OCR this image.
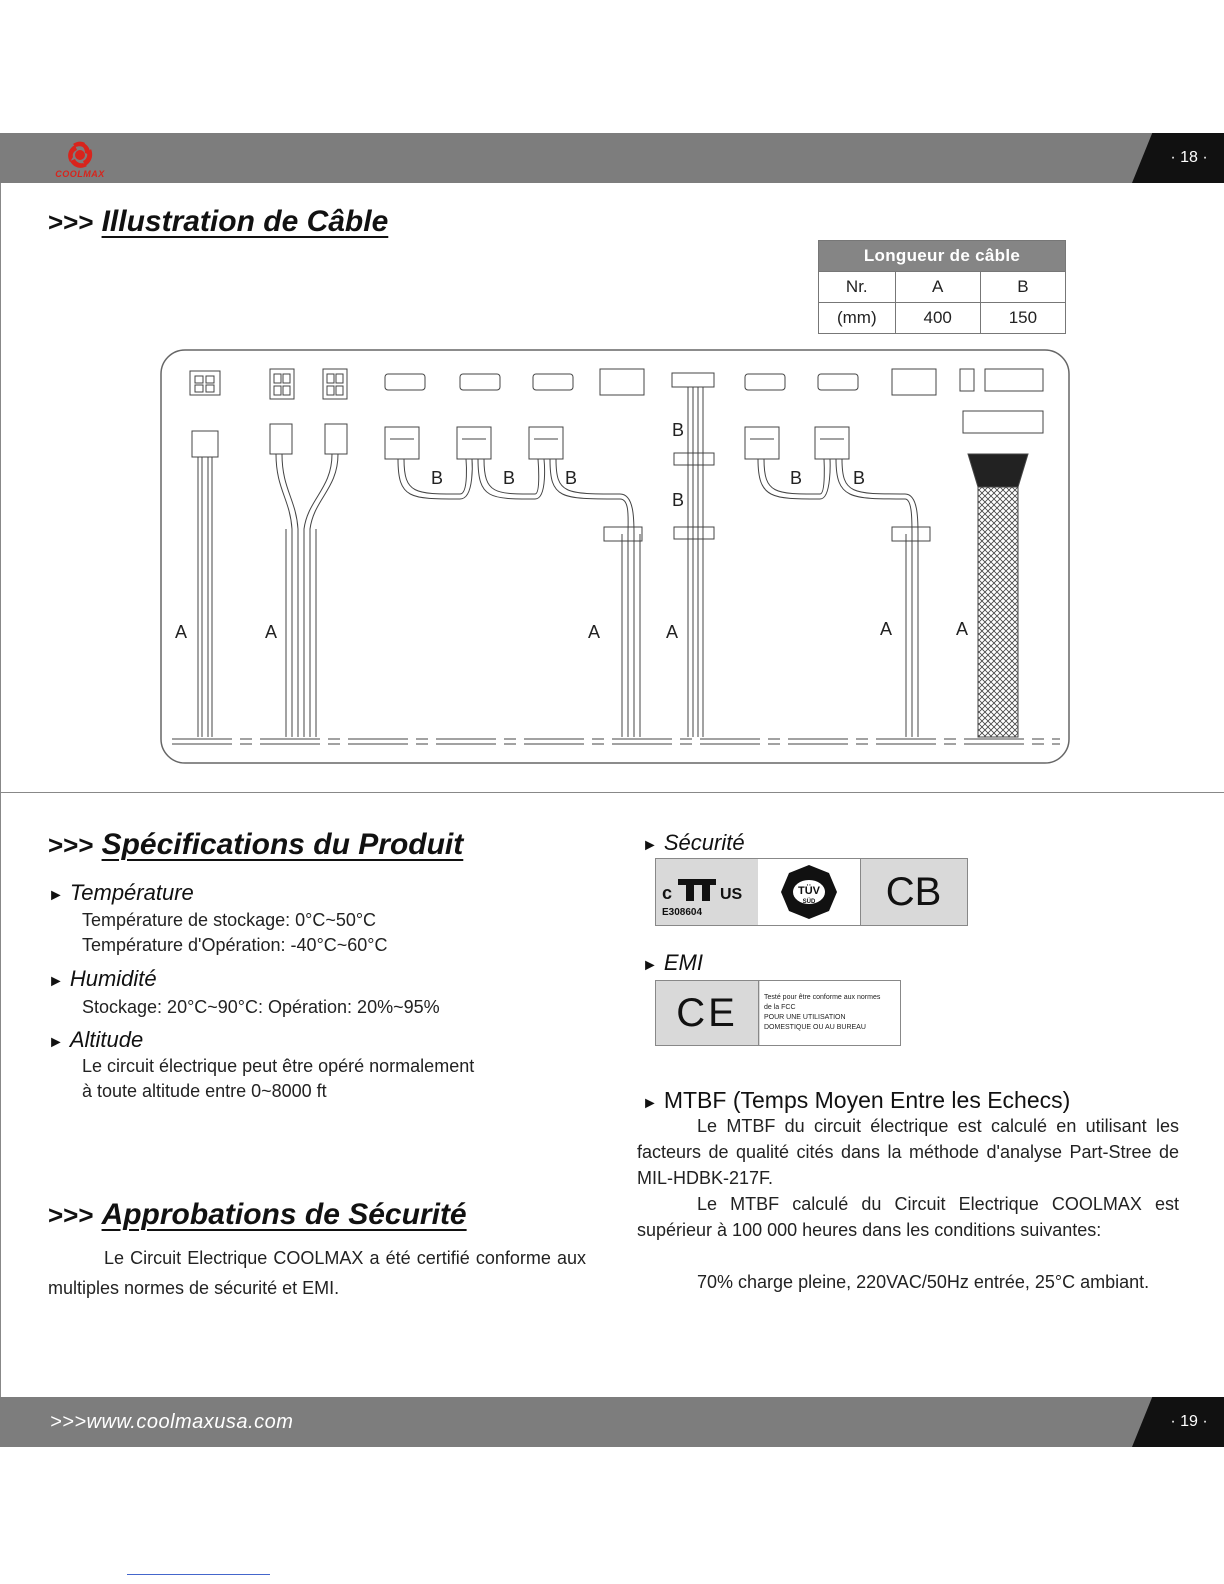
COOLMAX
· 18 ·
>>> Illustration de Câble
Longueur de câble		
Nr.	A	B
(mm)	400	150
A	A	A	A	A	A
B	B	B
B
B
B	B
>>> Spécifications du Produit
► Température
Température de stockage: 0°C~50°C
Température d'Opération: -40°C~60°C
► Humidité
Stockage: 20°C~90°C: Opération: 20%~95%
► Altitude
Le circuit électrique peut être opéré normalement
à toute altitude entre 0~8000 ft
>>> Approbations de Sécurité
Le Circuit Electrique COOLMAX a été certifié conforme aux multiples normes de sécurité et EMI.
► Sécurité
c	US
E308604
TÜV
SÜD	CB
► EMI
CE	Testé pour être conforme aux normes
de la FCC
POUR UNE UTILISATION
DOMESTIQUE OU AU BUREAU
► MTBF (Temps Moyen Entre les Echecs)
Le MTBF du circuit électrique est calculé en utilisant les facteurs de qualité cités dans la méthode d'analyse Part-Stree de MIL-HDBK-217F.
Le MTBF calculé du Circuit Electrique COOLMAX est supérieur à 100 000 heures dans les conditions suivantes:
70% charge pleine, 220VAC/50Hz entrée, 25°C ambiant.
>>>www.coolmaxusa.com	· 19 ·
